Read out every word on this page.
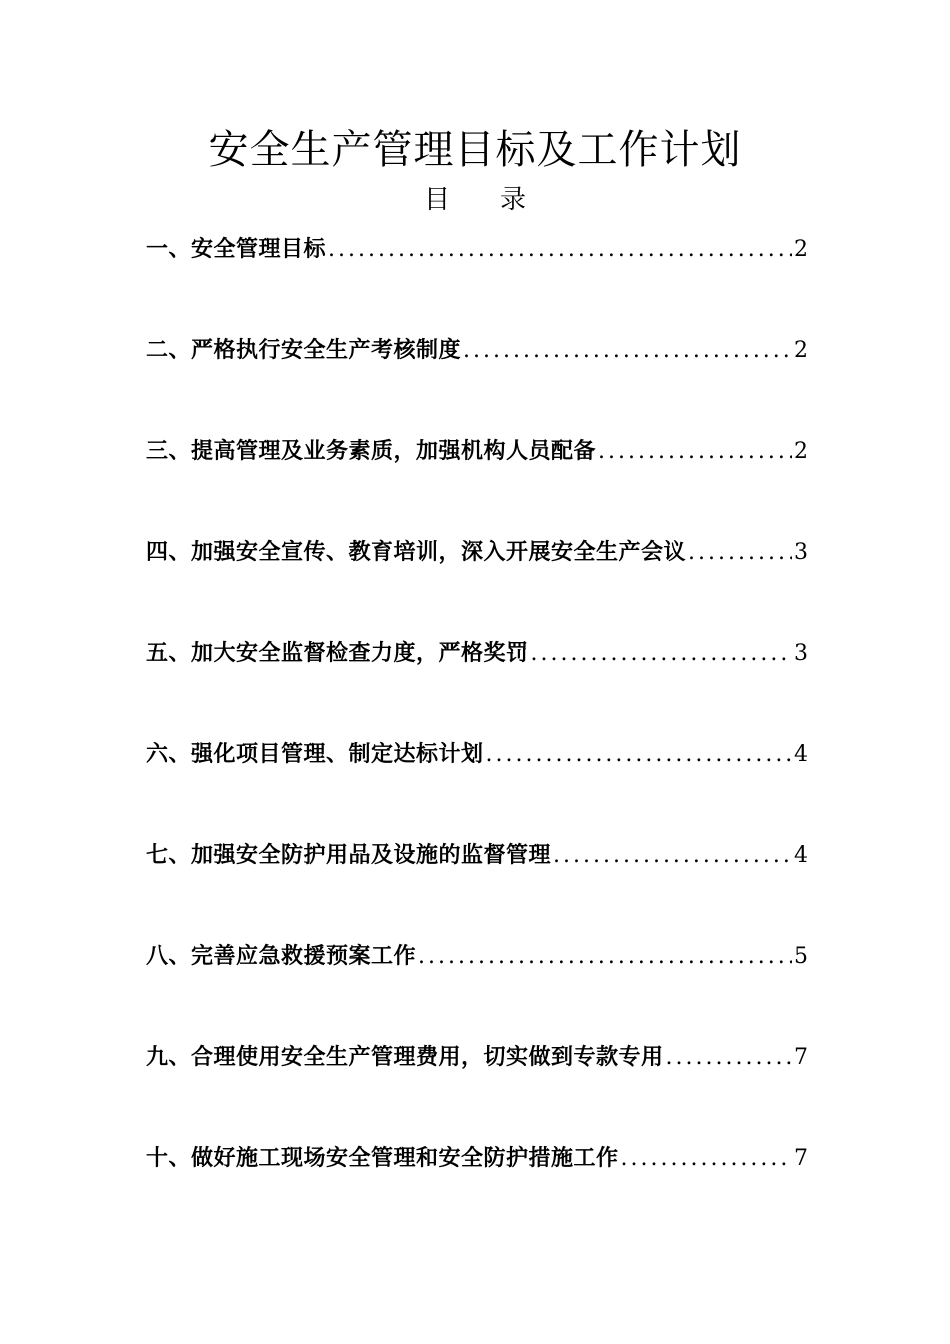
安全生产管理目标及工作计划
目录
一、安全管理目标 .....	2
二、严格执行安全生产考核制度 .....	2
三、提高管理及业务素质，加强机构人员配备 .....	2
四、加强安全宣传、教育培训，深入开展安全生产会议 .....	3
五、加大安全监督检查力度，严格奖罚 .....	3
六、强化项目管理、制定达标计划 .....	4
七、加强安全防护用品及设施的监督管理 .....	4
八、完善应急救援预案工作 .....	5
九、合理使用安全生产管理费用，切实做到专款专用 .....	7
十、做好施工现场安全管理和安全防护措施工作 .....	7
